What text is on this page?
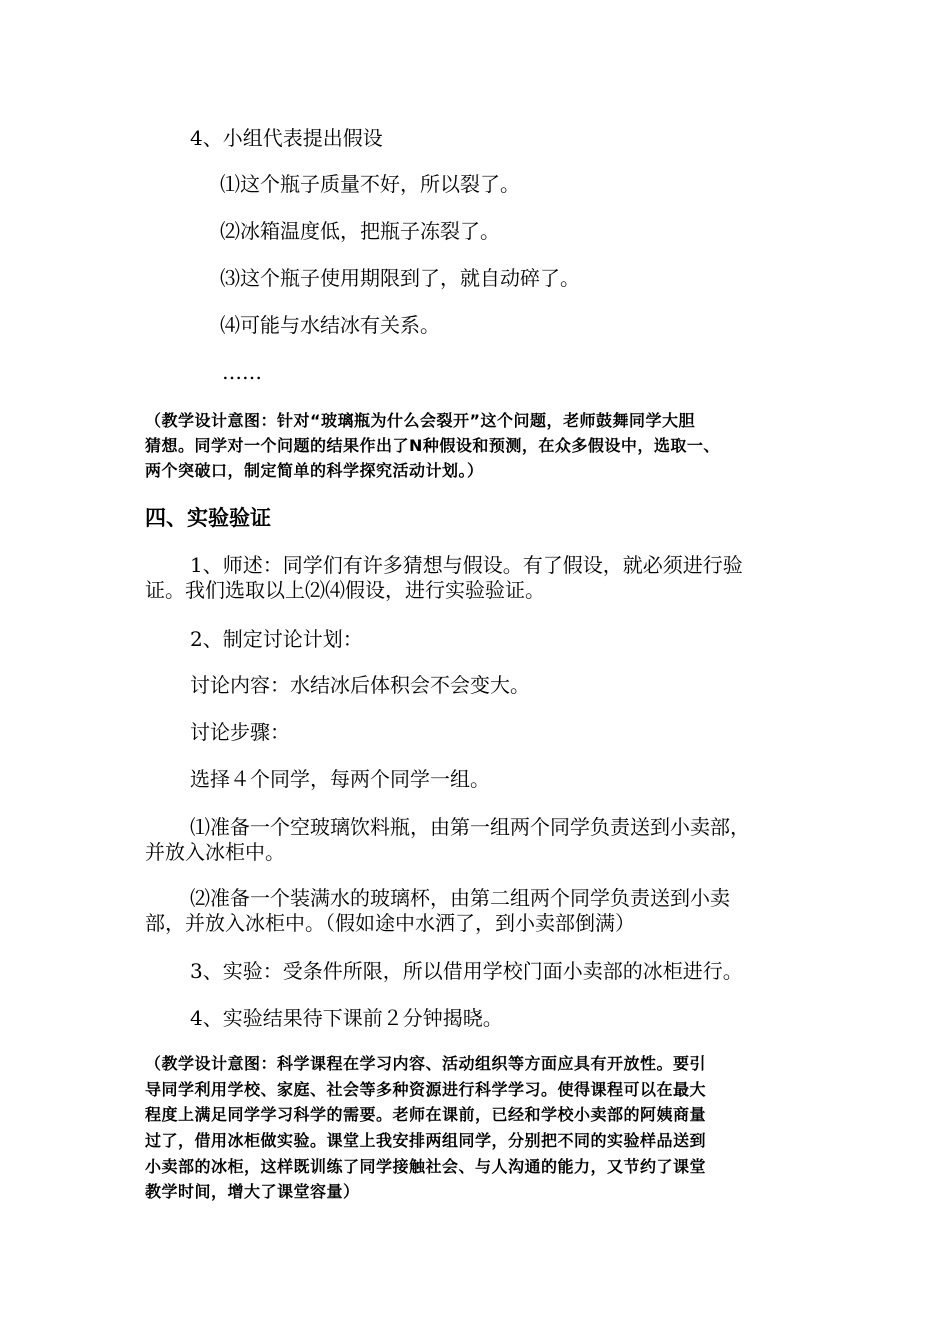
4、小组代表提出假设
⑴这个瓶子质量不好，所以裂了。
⑵冰箱温度低，把瓶子冻裂了。
⑶这个瓶子使用期限到了，就自动碎了。
⑷可能与水结冰有关系。
……
（教学设计意图：针对“玻璃瓶为什么会裂开”这个问题，老师鼓舞同学大胆
猜想。同学对一个问题的结果作出了N种假设和预测，在众多假设中，选取一、
两个突破口，制定简单的科学探究活动计划。）
四、实验验证
1、师述：同学们有许多猜想与假设。有了假设，就必须进行验
证。我们选取以上⑵⑷假设，进行实验验证。
2、制定讨论计划：
讨论内容：水结冰后体积会不会变大。
讨论步骤：
选择４个同学，每两个同学一组。
⑴准备一个空玻璃饮料瓶，由第一组两个同学负责送到小卖部，
并放入冰柜中。
⑵准备一个装满水的玻璃杯，由第二组两个同学负责送到小卖
部，并放入冰柜中。（假如途中水洒了，到小卖部倒满）
3、实验：受条件所限，所以借用学校门面小卖部的冰柜进行。
4、实验结果待下课前２分钟揭晓。
（教学设计意图：科学课程在学习内容、活动组织等方面应具有开放性。要引
导同学利用学校、家庭、社会等多种资源进行科学学习。使得课程可以在最大
程度上满足同学学习科学的需要。老师在课前，已经和学校小卖部的阿姨商量
过了，借用冰柜做实验。课堂上我安排两组同学，分别把不同的实验样品送到
小卖部的冰柜，这样既训练了同学接触社会、与人沟通的能力，又节约了课堂
教学时间，增大了课堂容量）
